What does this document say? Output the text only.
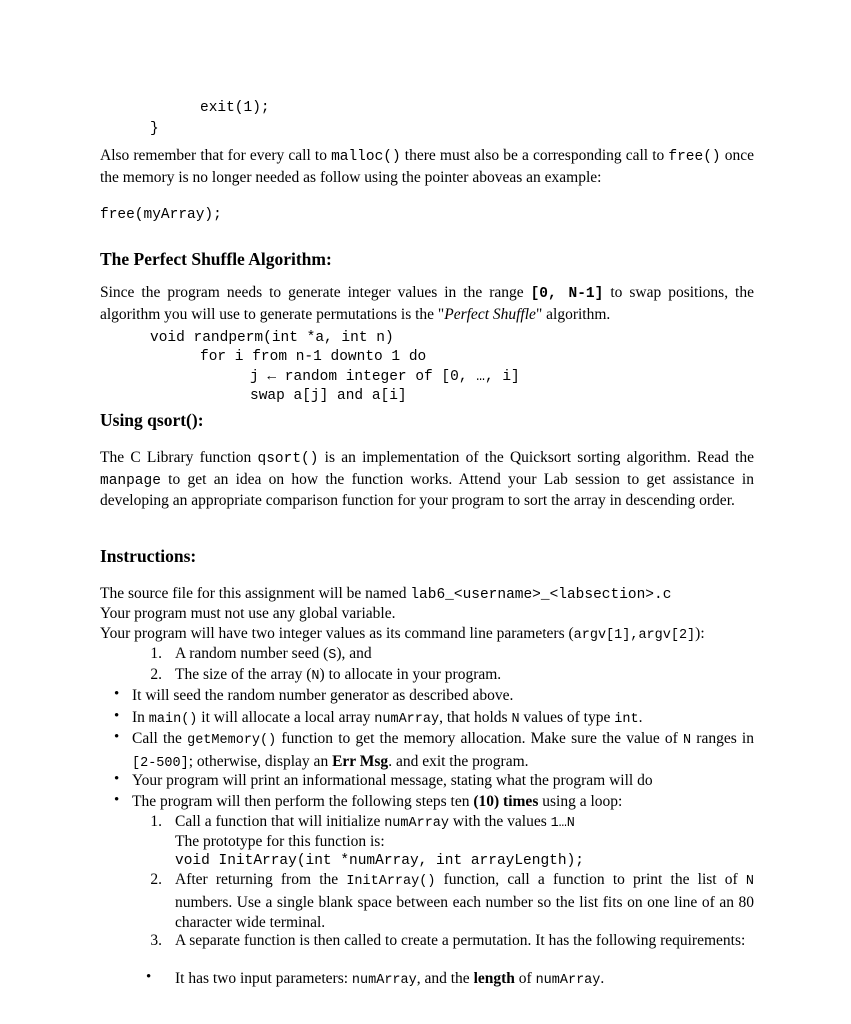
exit(1);
}
Also remember that for every call to malloc() there must also be a corresponding call to free() once the memory is no longer needed as follow using the pointer aboveas an example:
free(myArray);
The Perfect Shuffle Algorithm:
Since the program needs to generate integer values in the range [0, N-1] to swap positions, the algorithm you will use to generate permutations is the "Perfect Shuffle" algorithm.
void randperm(int *a, int n)
for i from n-1 downto 1 do
j ← random integer of [0, …, i]
swap a[j] and a[i]
Using qsort():
The C Library function qsort() is an implementation of the Quicksort sorting algorithm. Read the manpage to get an idea on how the function works. Attend your Lab session to get assistance in developing an appropriate comparison function for your program to sort the array in descending order.
Instructions:
The source file for this assignment will be named lab6_<username>_<labsection>.c
Your program must not use any global variable.
Your program will have two integer values as its command line parameters (argv[1],argv[2]):
1. A random number seed (S), and
2. The size of the array (N) to allocate in your program.
• It will seed the random number generator as described above.
• In main() it will allocate a local array numArray, that holds N values of type int.
• Call the getMemory() function to get the memory allocation. Make sure the value of N ranges in [2-500]; otherwise, display an Err Msg. and exit the program.
• Your program will print an informational message, stating what the program will do
• The program will then perform the following steps ten (10) times using a loop:
1. Call a function that will initialize numArray with the values 1…N
The prototype for this function is:
void InitArray(int *numArray, int arrayLength);
2. After returning from the InitArray() function, call a function to print the list of N numbers. Use a single blank space between each number so the list fits on one line of an 80 character wide terminal.
3. A separate function is then called to create a permutation. It has the following requirements:
• It has two input parameters: numArray, and the length of numArray.
